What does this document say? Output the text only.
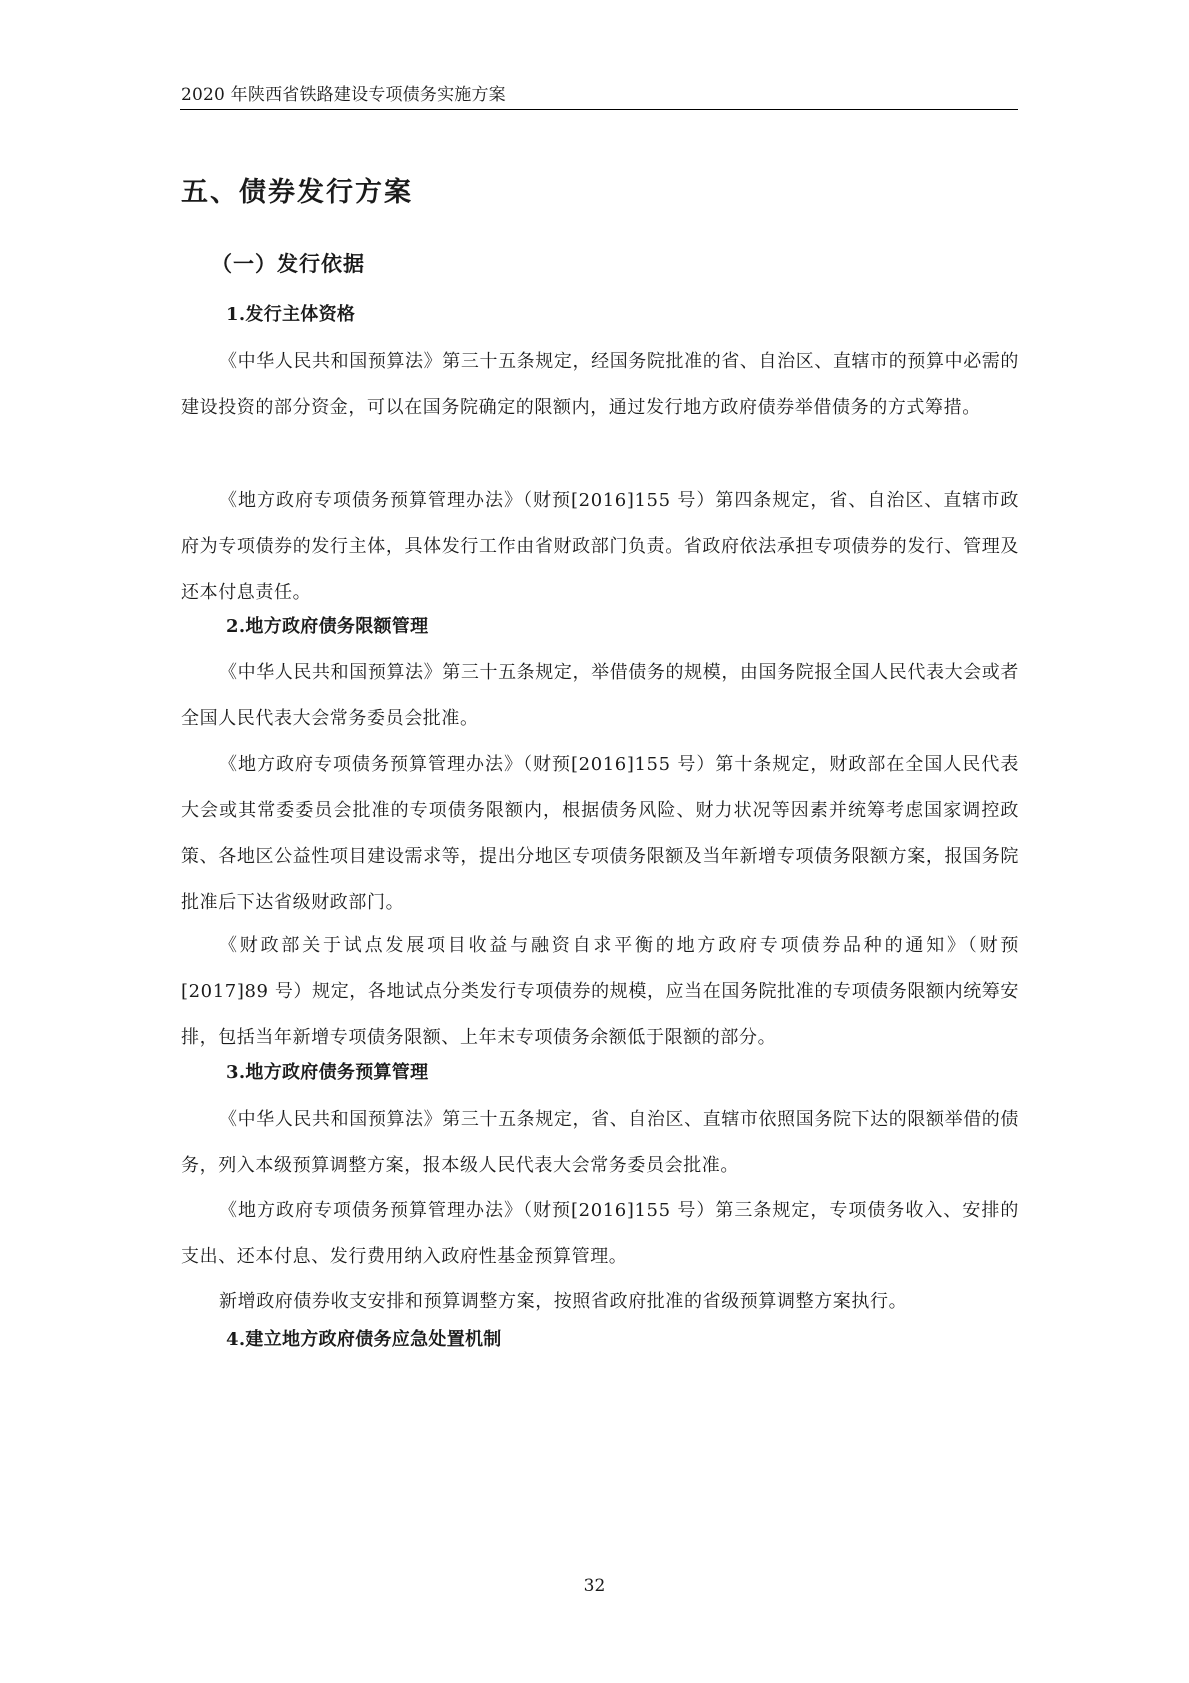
2020 年陕西省铁路建设专项债务实施方案
五、债券发行方案
（一）发行依据
1.发行主体资格
《中华人民共和国预算法》第三十五条规定，经国务院批准的省、自治区、直辖市的预算中必需的建设投资的部分资金，可以在国务院确定的限额内，通过发行地方政府债券举借债务的方式筹措。
《地方政府专项债务预算管理办法》（财预[2016]155 号）第四条规定，省、自治区、直辖市政府为专项债券的发行主体，具体发行工作由省财政部门负责。省政府依法承担专项债券的发行、管理及还本付息责任。
2.地方政府债务限额管理
《中华人民共和国预算法》第三十五条规定，举借债务的规模，由国务院报全国人民代表大会或者全国人民代表大会常务委员会批准。
《地方政府专项债务预算管理办法》（财预[2016]155 号）第十条规定，财政部在全国人民代表大会或其常委委员会批准的专项债务限额内，根据债务风险、财力状况等因素并统筹考虑国家调控政策、各地区公益性项目建设需求等，提出分地区专项债务限额及当年新增专项债务限额方案，报国务院批准后下达省级财政部门。
《财政部关于试点发展项目收益与融资自求平衡的地方政府专项债券品种的通知》（财预[2017]89 号）规定，各地试点分类发行专项债券的规模，应当在国务院批准的专项债务限额内统筹安排，包括当年新增专项债务限额、上年末专项债务余额低于限额的部分。
3.地方政府债务预算管理
《中华人民共和国预算法》第三十五条规定，省、自治区、直辖市依照国务院下达的限额举借的债务，列入本级预算调整方案，报本级人民代表大会常务委员会批准。
《地方政府专项债务预算管理办法》（财预[2016]155 号）第三条规定，专项债务收入、安排的支出、还本付息、发行费用纳入政府性基金预算管理。
新增政府债券收支安排和预算调整方案，按照省政府批准的省级预算调整方案执行。
4.建立地方政府债务应急处置机制
32
